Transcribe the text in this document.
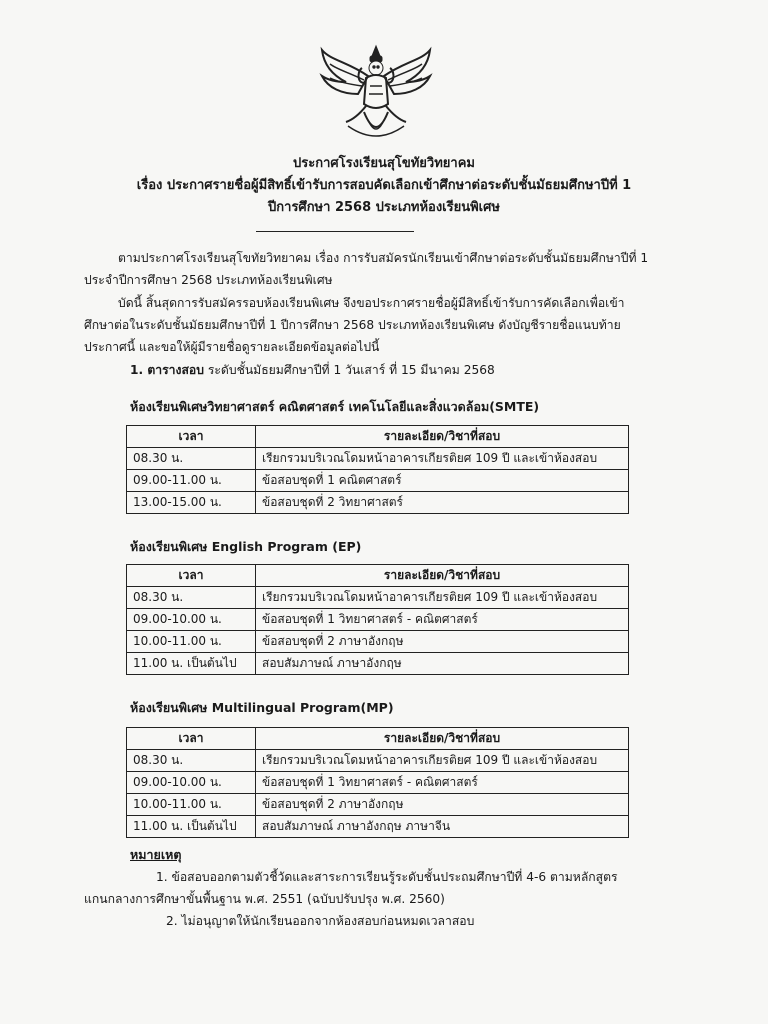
ประกาศโรงเรียนสุโขทัยวิทยาคม
เรื่อง ประกาศรายชื่อผู้มีสิทธิ์เข้ารับการสอบคัดเลือกเข้าศึกษาต่อระดับชั้นมัธยมศึกษาปีที่ 1
ปีการศึกษา 2568 ประเภทห้องเรียนพิเศษ
ตามประกาศโรงเรียนสุโขทัยวิทยาคม เรื่อง การรับสมัครนักเรียนเข้าศึกษาต่อระดับชั้นมัธยมศึกษาปีที่ 1
ประจำปีการศึกษา 2568 ประเภทห้องเรียนพิเศษ
บัดนี้ สิ้นสุดการรับสมัครรอบห้องเรียนพิเศษ จึงขอประกาศรายชื่อผู้มีสิทธิ์เข้ารับการคัดเลือกเพื่อเข้า
ศึกษาต่อในระดับชั้นมัธยมศึกษาปีที่ 1 ปีการศึกษา 2568 ประเภทห้องเรียนพิเศษ ดังบัญชีรายชื่อแนบท้าย
ประกาศนี้ และขอให้ผู้มีรายชื่อดูรายละเอียดข้อมูลต่อไปนี้
1. ตารางสอบ ระดับชั้นมัธยมศึกษาปีที่ 1 วันเสาร์ ที่ 15 มีนาคม 2568
ห้องเรียนพิเศษวิทยาศาสตร์ คณิตศาสตร์ เทคโนโลยีและสิ่งแวดล้อม(SMTE)
เวลา	รายละเอียด/วิชาที่สอบ
08.30 น.	เรียกรวมบริเวณโดมหน้าอาคารเกียรติยศ 109 ปี และเข้าห้องสอบ
09.00-11.00 น.	ข้อสอบชุดที่ 1 คณิตศาสตร์
13.00-15.00 น.	ข้อสอบชุดที่ 2 วิทยาศาสตร์
ห้องเรียนพิเศษ English Program (EP)
เวลา	รายละเอียด/วิชาที่สอบ
08.30 น.	เรียกรวมบริเวณโดมหน้าอาคารเกียรติยศ 109 ปี และเข้าห้องสอบ
09.00-10.00 น.	ข้อสอบชุดที่ 1 วิทยาศาสตร์ - คณิตศาสตร์
10.00-11.00 น.	ข้อสอบชุดที่ 2 ภาษาอังกฤษ
11.00 น. เป็นต้นไป	สอบสัมภาษณ์ ภาษาอังกฤษ
ห้องเรียนพิเศษ Multilingual Program(MP)
เวลา	รายละเอียด/วิชาที่สอบ
08.30 น.	เรียกรวมบริเวณโดมหน้าอาคารเกียรติยศ 109 ปี และเข้าห้องสอบ
09.00-10.00 น.	ข้อสอบชุดที่ 1 วิทยาศาสตร์ - คณิตศาสตร์
10.00-11.00 น.	ข้อสอบชุดที่ 2 ภาษาอังกฤษ
11.00 น. เป็นต้นไป	สอบสัมภาษณ์ ภาษาอังกฤษ ภาษาจีน
หมายเหตุ
1. ข้อสอบออกตามตัวชี้วัดและสาระการเรียนรู้ระดับชั้นประถมศึกษาปีที่ 4-6 ตามหลักสูตร
แกนกลางการศึกษาขั้นพื้นฐาน พ.ศ. 2551 (ฉบับปรับปรุง พ.ศ. 2560)
2. ไม่อนุญาตให้นักเรียนออกจากห้องสอบก่อนหมดเวลาสอบ
